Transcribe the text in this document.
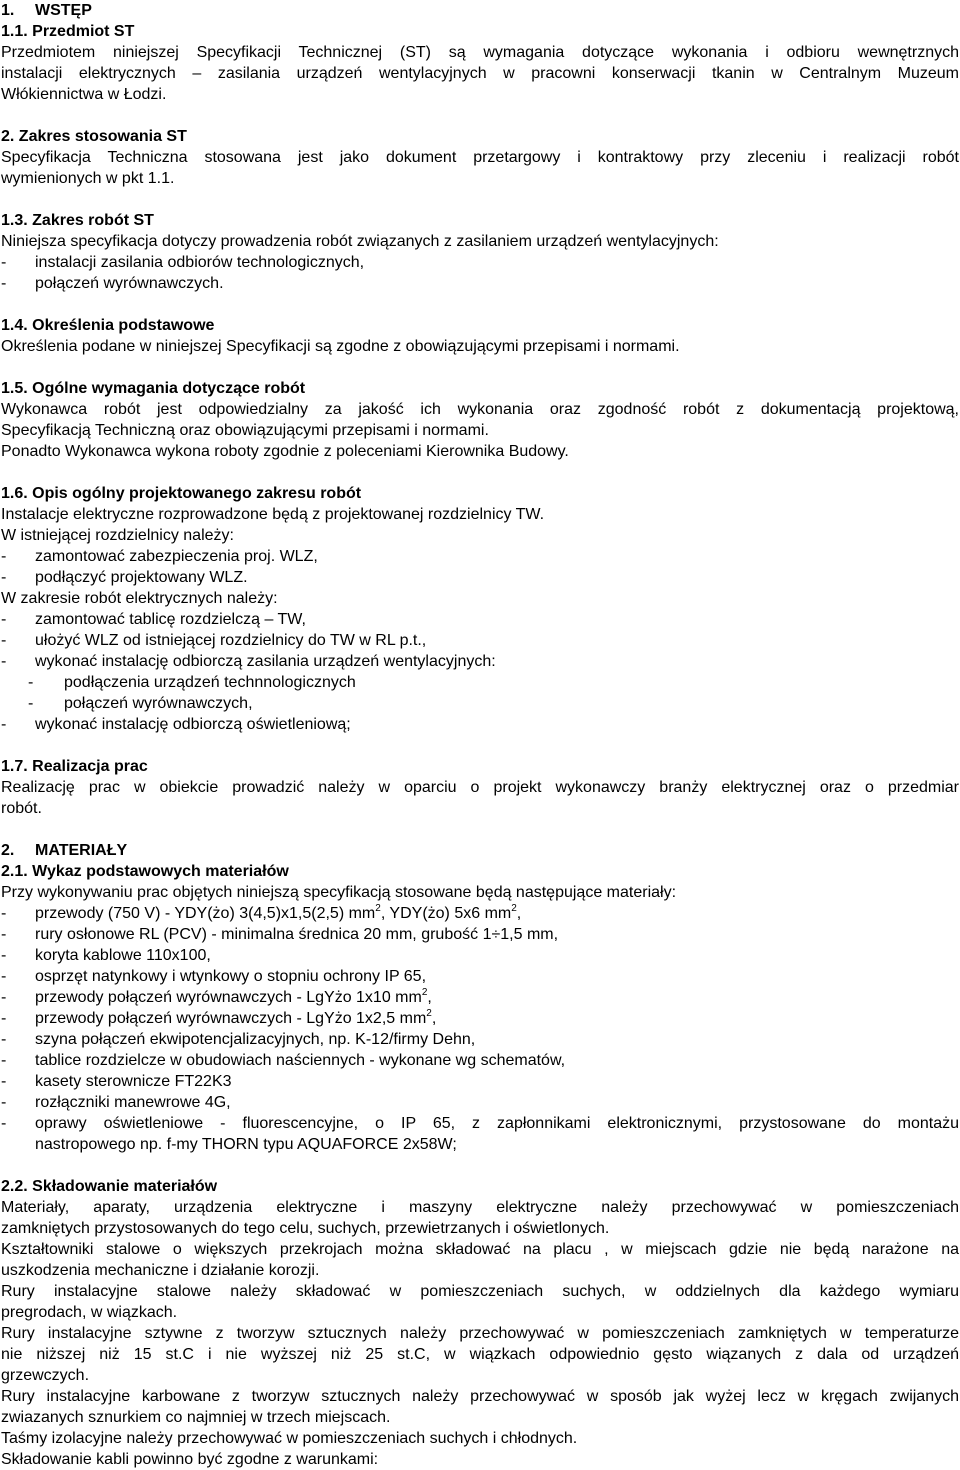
1. WSTĘP
1.1. Przedmiot ST
Przedmiotem niniejszej Specyfikacji Technicznej (ST) są wymagania dotyczące wykonania i odbioru wewnętrznych
instalacji elektrycznych – zasilania urządzeń wentylacyjnych w pracowni konserwacji tkanin w Centralnym Muzeum
Włókiennictwa w Łodzi.
2. Zakres stosowania ST
Specyfikacja Techniczna stosowana jest jako dokument przetargowy i kontraktowy przy zleceniu i realizacji robót
wymienionych w pkt 1.1.
1.3. Zakres robót ST
Niniejsza specyfikacja dotyczy prowadzenia robót związanych z zasilaniem urządzeń wentylacyjnych:
- instalacji zasilania odbiorów technologicznych,
- połączeń wyrównawczych.
1.4. Określenia podstawowe
Określenia podane w niniejszej Specyfikacji są zgodne z obowiązującymi przepisami i normami.
1.5. Ogólne wymagania dotyczące robót
Wykonawca robót jest odpowiedzialny za jakość ich wykonania oraz zgodność robót z dokumentacją projektową,
Specyfikacją Techniczną oraz obowiązującymi przepisami i normami.
Ponadto Wykonawca wykona roboty zgodnie z poleceniami Kierownika Budowy.
1.6. Opis ogólny projektowanego zakresu robót
Instalacje elektryczne rozprowadzone będą z projektowanej rozdzielnicy TW.
W istniejącej rozdzielnicy należy:
- zamontować zabezpieczenia proj. WLZ,
- podłączyć projektowany WLZ.
W zakresie robót elektrycznych należy:
- zamontować tablicę rozdzielczą – TW,
- ułożyć WLZ od istniejącej rozdzielnicy do TW w RL p.t.,
- wykonać instalację odbiorczą zasilania urządzeń wentylacyjnych:
- podłączenia urządzeń technnologicznych
- połączeń wyrównawczych,
- wykonać instalację odbiorczą oświetleniową;
1.7. Realizacja prac
Realizację prac w obiekcie prowadzić należy w oparciu o projekt wykonawczy branży elektrycznej oraz o przedmiar
robót.
2. MATERIAŁY
2.1. Wykaz podstawowych materiałów
Przy wykonywaniu prac objętych niniejszą specyfikacją stosowane będą następujące materiały:
- przewody (750 V) - YDY(żo) 3(4,5)x1,5(2,5) $mm^2$, YDY(żo) 5x6 $mm^2$,
- rury osłonowe RL (PCV) - minimalna średnica 20 mm, grubość 1÷1,5 mm,
- koryta kablowe 110x100,
- osprzęt natynkowy i wtynkowy o stopniu ochrony IP 65,
- przewody połączeń wyrównawczych - LgYżo 1x10 $mm^2$,
- przewody połączeń wyrównawczych - LgYżo 1x2,5 $mm^2$,
- szyna połączeń ekwipotencjalizacyjnych, np. K-12/firmy Dehn,
- tablice rozdzielcze w obudowiach naściennych - wykonane wg schematów,
- kasety sterownicze FT22K3
- rozłączniki manewrowe 4G,
-	oprawy oświetleniowe - fluorescencyjne, o IP 65, z zapłonnikami elektronicznymi, przystosowane do montażu
nastropowego np. f-my THORN typu AQUAFORCE 2x58W;
2.2. Składowanie materiałów
Materiały, aparaty, urządzenia elektryczne i maszyny elektryczne należy przechowywać w pomieszczeniach
zamkniętych przystosowanych do tego celu, suchych, przewietrzanych i oświetlonych.
Kształtowniki stalowe o większych przekrojach można składować na placu , w miejscach gdzie nie będą narażone na
uszkodzenia mechaniczne i działanie korozji.
Rury instalacyjne stalowe należy składować w pomieszczeniach suchych, w oddzielnych dla każdego wymiaru
pregrodach, w wiązkach.
Rury instalacyjne sztywne z tworzyw sztucznych należy przechowywać w pomieszczeniach zamkniętych w temperaturze
nie niższej niż 15 st.C i nie wyższej niż 25 st.C, w wiązkach odpowiednio gęsto wiązanych z dala od urządzeń
grzewczych.
Rury instalacyjne karbowane z tworzyw sztucznych należy przechowywać w sposób jak wyżej lecz w kręgach zwijanych
zwiazanych sznurkiem co najmniej w trzech miejscach.
Taśmy izolacyjne należy przechowywać w pomieszczeniach suchych i chłodnych.
Składowanie kabli powinno być zgodne z warunkami:
